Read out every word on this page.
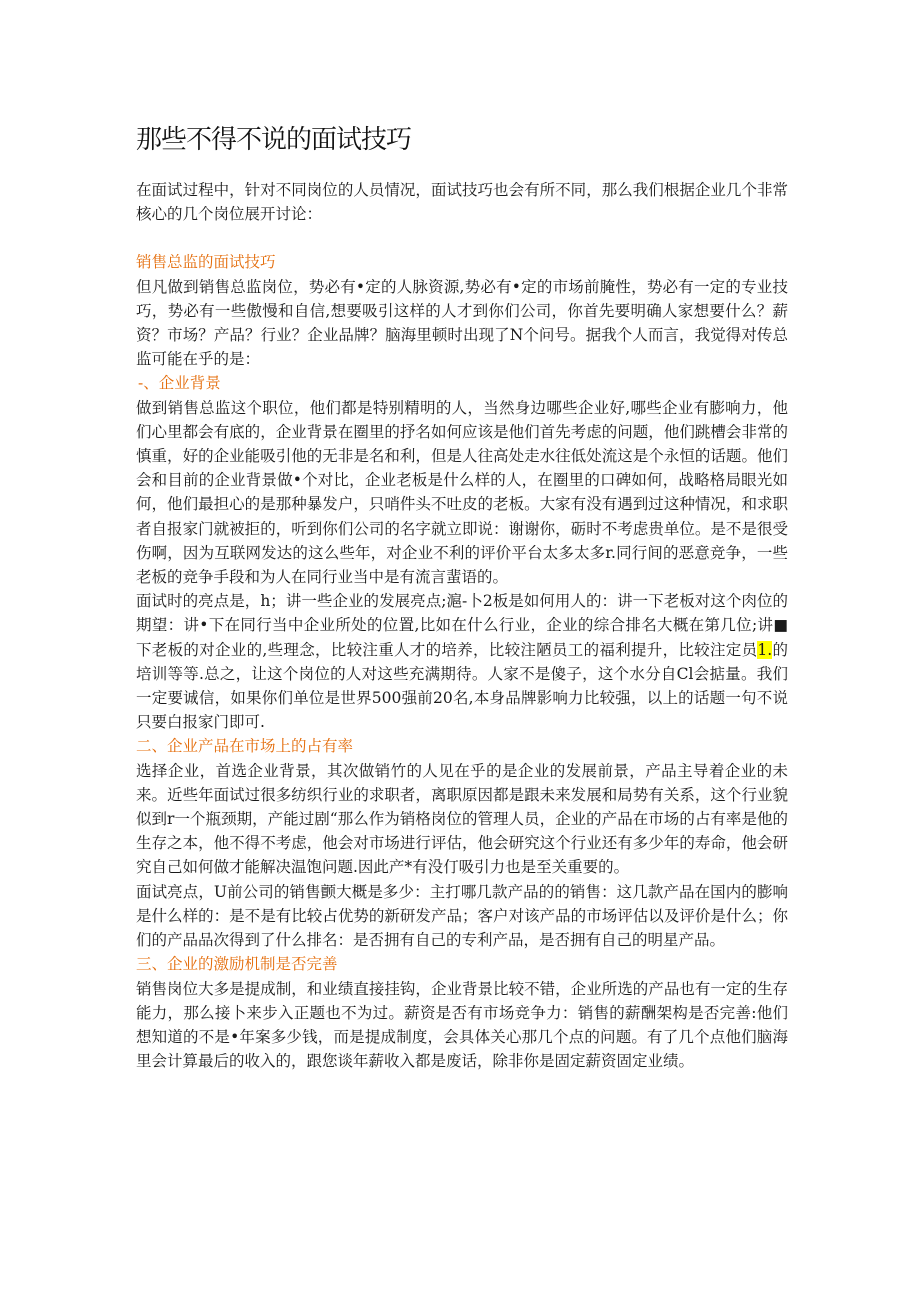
那些不得不说的面试技巧

在面试过程中，针对不同岗位的人员情况，面试技巧也会有所不同，那么我们根据企业几个非常核心的几个岗位展开讨论：

销售总监的面试技巧

但凡做到销售总监岗位，势必有•定的人脉资源,势必有•定的市场前腌性，势必有一定的专业技巧，势必有一些傲慢和自信,想要吸引这样的人才到你们公司，你首先要明确人家想要什么？薪资？市场？产品？行业？企业品牌？脑海里顿时出现了N个问号。据我个人而言，我觉得对传总监可能在乎的是：

-、企业背景

做到销售总监这个职位，他们都是特别精明的人，当然身边哪些企业好,哪些企业有膨响力，他们心里都会有底的，企业背景在圈里的抒名如何应该是他们首先考虑的问题，他们跳槽会非常的慎重，好的企业能吸引他的无非是名和利，但是人往高处走水往低处流这是个永恒的话题。他们会和目前的企业背景做•个对比，企业老板是什么样的人，在圈里的口碑如何，战略格局眼光如何，他们最担心的是那种暴发户，只哨件头不吐皮的老板。大家有没有遇到过这种情况，和求职者自报家门就被拒的，听到你们公司的名字就立即说：谢谢你，砺时不考虑贵单位。是不是很受伤啊，因为互联网发达的这么些年，对企业不利的评价平台太多太多r.同行间的恶意竞争，一些老板的竞争手段和为人在同行业当中是有流言蜚语的。

面试时的亮点是，h；讲一些企业的发展亮点;滬-卜2板是如何用人的：讲一下老板对这个肉位的期望：讲•下在同行当中企业所处的位置,比如在什么行业，企业的综合排名大概在第几位;讲■下老板的对企业的,些理念，比较注重人才的培养，比较注陋员工的福利提升，比较注定员1.的培训等等.总之，让这个岗位的人对这些充满期待。人家不是傻子，这个水分自Cl会掂量。我们一定要诚信，如果你们单位是世界500强前20名,本身品牌影响力比较强，以上的话题一句不说只要白报家门即可.

二、企业产品在市场上的占有率

选择企业，首选企业背景，其次做销竹的人见在乎的是企业的发展前景，产品主导着企业的未来。近些年面试过很多纺织行业的求职者，离职原因都是跟未来发展和局势有关系，这个行业貌似到r一个瓶颈期，产能过剧“那么作为销格岗位的管理人员，企业的产品在市场的占有率是他的生存之本，他不得不考虑，他会对市场进行评估，他会研究这个行业还有多少年的寿命，他会研究自己如何做才能解决温饱问题.因此产*有没仃吸引力也是至关重要的。

面试亮点，U前公司的销售颤大概是多少：主打哪几款产品的的销售：这几款产品在国内的膨响是什么样的：是不是有比较占优势的新研发产品；客户对该产品的市场评估以及评价是什么；你们的产品品次得到了什么排名：是否拥有自己的专利产品，是否拥有自己的明星产品。

三、企业的激励机制是否完善

销售岗位大多是提成制，和业绩直接挂钩，企业背景比较不错，企业所选的产品也有一定的生存能力，那么接卜来步入正题也不为过。薪资是否有市场竞争力：销售的薪酬架构是否完善:他们想知道的不是•年案多少钱，而是提成制度，会具体关心那几个点的问题。有了几个点他们脑海里会计算最后的收入的，跟您谈年薪收入都是废话，除非你是固定薪资固定业绩。
